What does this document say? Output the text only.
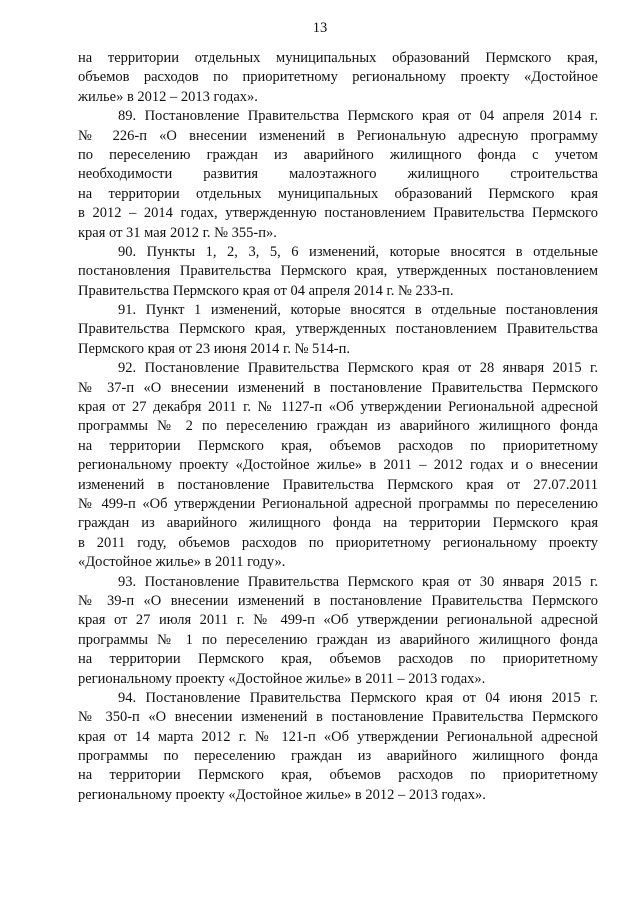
13
на территории отдельных муниципальных образований Пермского края,
объемов расходов по приоритетному региональному проекту «Достойное
жилье» в 2012 – 2013 годах».
89. Постановление Правительства Пермского края от 04 апреля 2014 г.
№ 226-п «О внесении изменений в Региональную адресную программу
по переселению граждан из аварийного жилищного фонда с учетом
необходимости развития малоэтажного жилищного строительства
на территории отдельных муниципальных образований Пермского края
в 2012 – 2014 годах, утвержденную постановлением Правительства Пермского
края от 31 мая 2012 г. № 355-п».
90. Пункты 1, 2, 3, 5, 6 изменений, которые вносятся в отдельные
постановления Правительства Пермского края, утвержденных постановлением
Правительства Пермского края от 04 апреля 2014 г. № 233-п.
91. Пункт 1 изменений, которые вносятся в отдельные постановления
Правительства Пермского края, утвержденных постановлением Правительства
Пермского края от 23 июня 2014 г. № 514-п.
92. Постановление Правительства Пермского края от 28 января 2015 г.
№ 37-п «О внесении изменений в постановление Правительства Пермского
края от 27 декабря 2011 г. № 1127-п «Об утверждении Региональной адресной
программы № 2 по переселению граждан из аварийного жилищного фонда
на территории Пермского края, объемов расходов по приоритетному
региональному проекту «Достойное жилье» в 2011 – 2012 годах и о внесении
изменений в постановление Правительства Пермского края от 27.07.2011
№ 499-п «Об утверждении Региональной адресной программы по переселению
граждан из аварийного жилищного фонда на территории Пермского края
в 2011 году, объемов расходов по приоритетному региональному проекту
«Достойное жилье» в 2011 году».
93. Постановление Правительства Пермского края от 30 января 2015 г.
№ 39-п «О внесении изменений в постановление Правительства Пермского
края от 27 июля 2011 г. № 499-п «Об утверждении региональной адресной
программы № 1 по переселению граждан из аварийного жилищного фонда
на территории Пермского края, объемов расходов по приоритетному
региональному проекту «Достойное жилье» в 2011 – 2013 годах».
94. Постановление Правительства Пермского края от 04 июня 2015 г.
№ 350-п «О внесении изменений в постановление Правительства Пермского
края от 14 марта 2012 г. № 121-п «Об утверждении Региональной адресной
программы по переселению граждан из аварийного жилищного фонда
на территории Пермского края, объемов расходов по приоритетному
региональному проекту «Достойное жилье» в 2012 – 2013 годах».
